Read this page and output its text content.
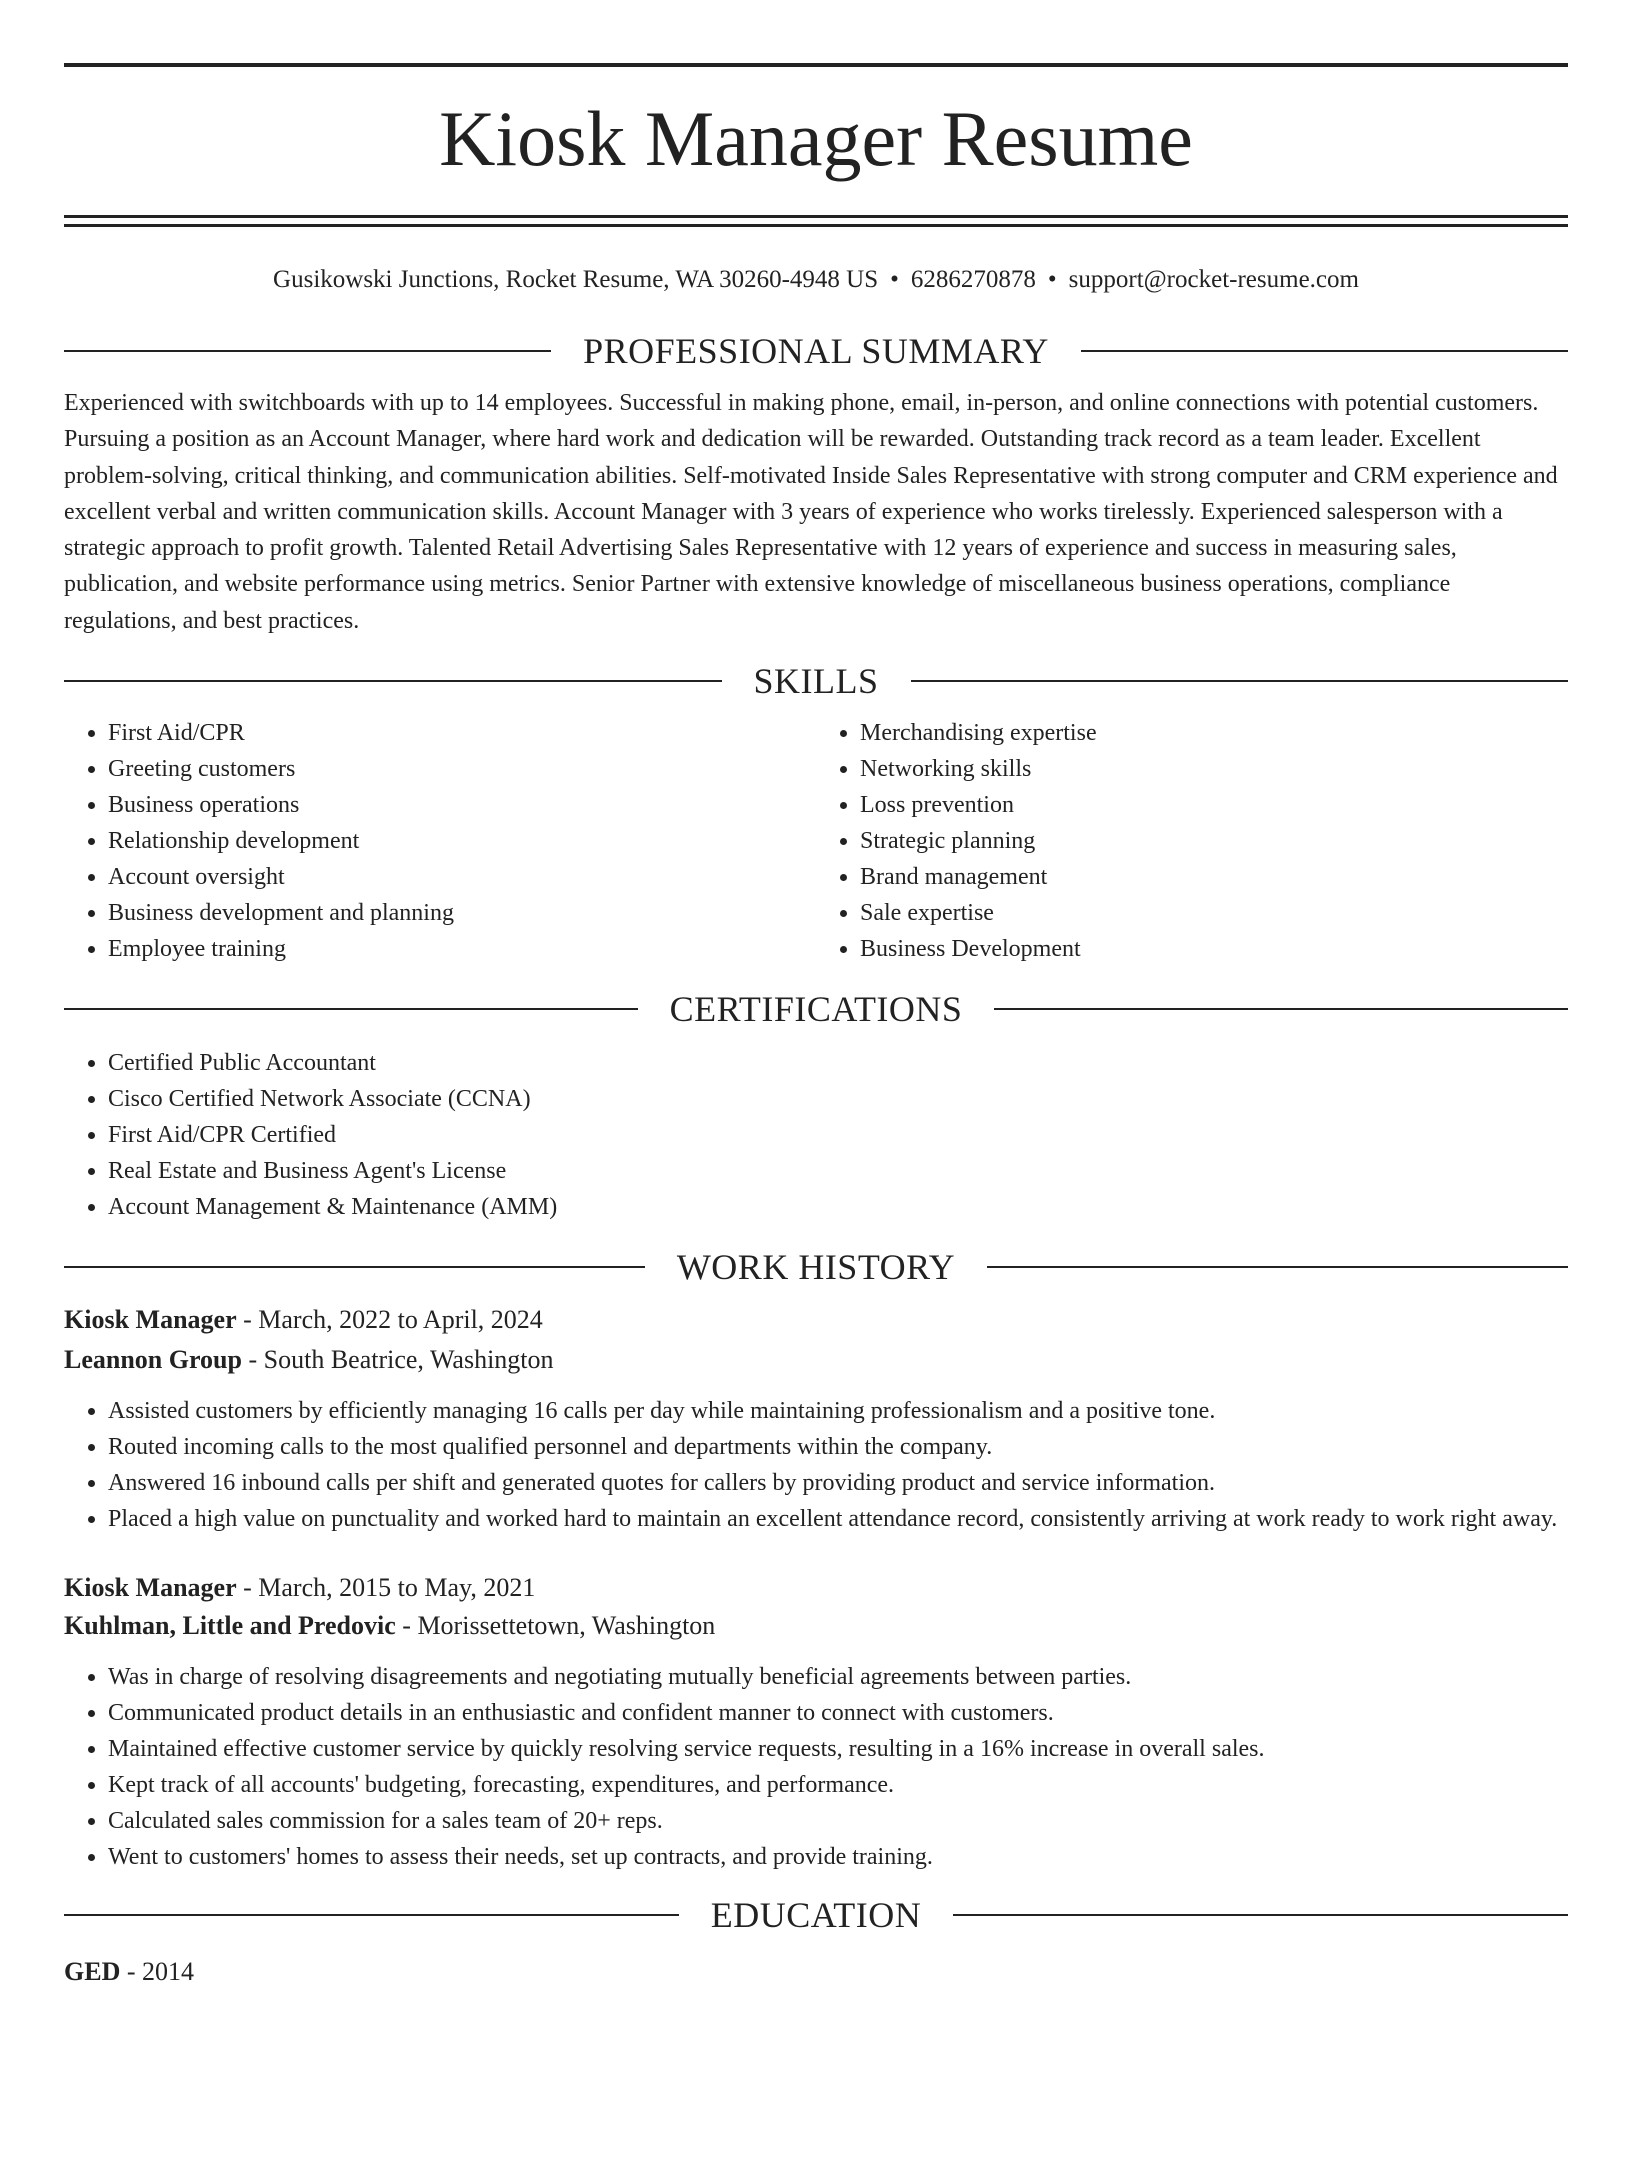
Kiosk Manager Resume
Gusikowski Junctions, Rocket Resume, WA 30260-4948 US • 6286270878 • support@rocket-resume.com
PROFESSIONAL SUMMARY

Experienced with switchboards with up to 14 employees. Successful in making phone, email, in-person, and online connections with potential customers. Pursuing a position as an Account Manager, where hard work and dedication will be rewarded. Outstanding track record as a team leader. Excellent problem-solving, critical thinking, and communication abilities. Self-motivated Inside Sales Representative with strong computer and CRM experience and excellent verbal and written communication skills. Account Manager with 3 years of experience who works tirelessly. Experienced salesperson with a strategic approach to profit growth. Talented Retail Advertising Sales Representative with 12 years of experience and success in measuring sales, publication, and website performance using metrics. Senior Partner with extensive knowledge of miscellaneous business operations, compliance regulations, and best practices.

SKILLS
• First Aid/CPR
• Greeting customers
• Business operations
• Relationship development
• Account oversight
• Business development and planning
• Employee training
• Merchandising expertise
• Networking skills
• Loss prevention
• Strategic planning
• Brand management
• Sale expertise
• Business Development
CERTIFICATIONS
• Certified Public Accountant
• Cisco Certified Network Associate (CCNA)
• First Aid/CPR Certified
• Real Estate and Business Agent's License
• Account Management & Maintenance (AMM)
WORK HISTORY
Kiosk Manager - March, 2022 to April, 2024
Leannon Group - South Beatrice, Washington
• Assisted customers by efficiently managing 16 calls per day while maintaining professionalism and a positive tone.
• Routed incoming calls to the most qualified personnel and departments within the company.
• Answered 16 inbound calls per shift and generated quotes for callers by providing product and service information.
• Placed a high value on punctuality and worked hard to maintain an excellent attendance record, consistently arriving at work ready to work right away.
Kiosk Manager - March, 2015 to May, 2021
Kuhlman, Little and Predovic - Morissettetown, Washington
• Was in charge of resolving disagreements and negotiating mutually beneficial agreements between parties.
• Communicated product details in an enthusiastic and confident manner to connect with customers.
• Maintained effective customer service by quickly resolving service requests, resulting in a 16% increase in overall sales.
• Kept track of all accounts' budgeting, forecasting, expenditures, and performance.
• Calculated sales commission for a sales team of 20+ reps.
• Went to customers' homes to assess their needs, set up contracts, and provide training.
EDUCATION
GED - 2014
